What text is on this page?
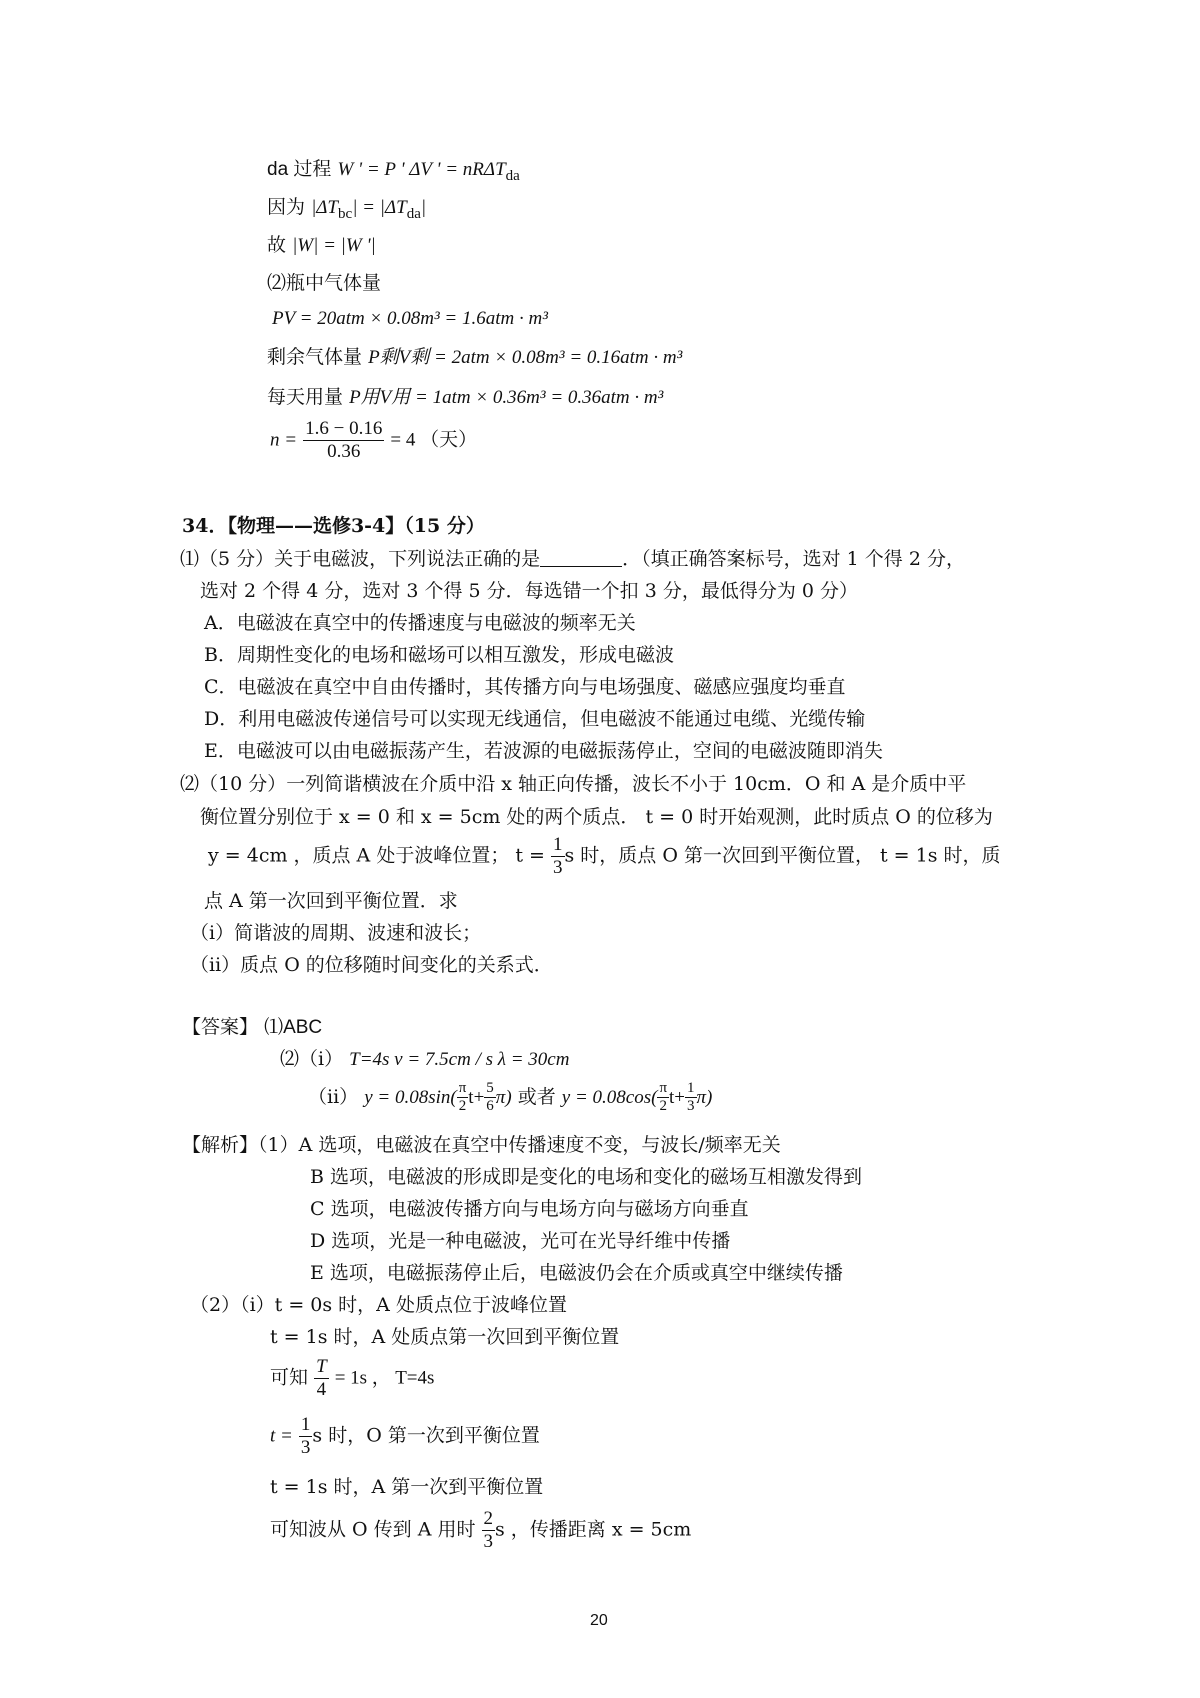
da 过程 W ' = P ' ΔV ' = nRΔT$_{da}$
因为 $|\Delta T_{bc}| = |\Delta T_{da}|$
故 |W| = |W '|
⑵瓶中气体量
PV = 20atm × 0.08m³ = 1.6atm · m³
剩余气体量 P剩V剩 = 2atm × 0.08m³ = 0.16atm · m³
每天用量 P用V用 = 1atm × 0.36m³ = 0.36atm · m³
$n = \frac{1.6 - 0.16}{0.36} = 4$ （天）
34．【物理——选修3-4】（15 分）
⑴（5 分）关于电磁波，下列说法正确的是	．（填正确答案标号，选对 1 个得 2 分，
选对 2 个得 4 分，选对 3 个得 5 分．每选错一个扣 3 分，最低得分为 0 分）
A．电磁波在真空中的传播速度与电磁波的频率无关
B．周期性变化的电场和磁场可以相互激发，形成电磁波
C．电磁波在真空中自由传播时，其传播方向与电场强度、磁感应强度均垂直
D．利用电磁波传递信号可以实现无线通信，但电磁波不能通过电缆、光缆传输
E．电磁波可以由电磁振荡产生，若波源的电磁振荡停止，空间的电磁波随即消失
⑵（10 分）一列简谐横波在介质中沿 x 轴正向传播，波长不小于 10cm．O 和 A 是介质中平
衡位置分别位于 x = 0 和 x = 5cm 处的两个质点． t = 0 时开始观测，此时质点 O 的位移为
y = 4cm ，质点 A 处于波峰位置； $t = \frac{1}{3}$ s 时，质点 O 第一次回到平衡位置， t = 1s 时，质
点 A 第一次回到平衡位置．求
（ⅰ）简谐波的周期、波速和波长；
（ⅱ）质点 O 的位移随时间变化的关系式．
【答案】 ⑴ABC
⑵（i） T=4s v = 7.5cm / s λ = 30cm
（ii） $y = 0.08\sin( \frac{\pi}{2} t+ \frac{5}{6} \pi)$ 或者 $y = 0.08\cos( \frac{\pi}{2} t+ \frac{1}{3} \pi)$
【解析】（1）A 选项，电磁波在真空中传播速度不变，与波长/频率无关
B 选项，电磁波的形成即是变化的电场和变化的磁场互相激发得到
C 选项，电磁波传播方向与电场方向与磁场方向垂直
D 选项，光是一种电磁波，光可在光导纤维中传播
E 选项，电磁振荡停止后，电磁波仍会在介质或真空中继续传播
（2）（i）t = 0s 时，A 处质点位于波峰位置
t = 1s 时，A 处质点第一次回到平衡位置
可知 $\frac{T}{4} = 1s$ ， T=4s
$t = \frac{1}{3}$ s 时，O 第一次到平衡位置
t = 1s 时，A 第一次到平衡位置
可知波从 O 传到 A 用时 $\frac{2}{3}$ s ，传播距离 x = 5cm
20
